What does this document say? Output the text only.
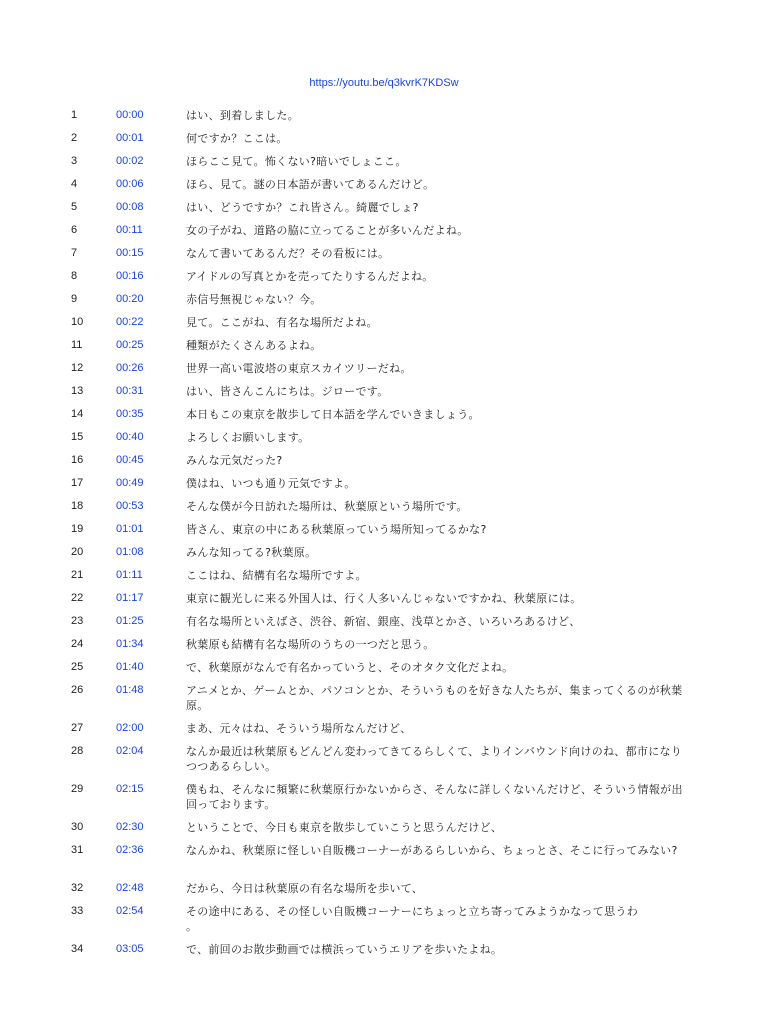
https://youtu.be/q3kvrK7KDSw
1	00:00	はい、到着しました。
2	00:01	何ですか？ここは。
3	00:02	ほらここ見て。怖くない?暗いでしょここ。
4	00:06	ほら、見て。謎の日本語が書いてあるんだけど。
5	00:08	はい、どうですか？これ皆さん。綺麗でしょ?
6	00:11	女の子がね、道路の脇に立ってることが多いんだよね。
7	00:15	なんて書いてあるんだ？その看板には。
8	00:16	アイドルの写真とかを売ってたりするんだよね。
9	00:20	赤信号無視じゃない？今。
10	00:22	見て。ここがね、有名な場所だよね。
11	00:25	種類がたくさんあるよね。
12	00:26	世界一高い電波塔の東京スカイツリーだね。
13	00:31	はい、皆さんこんにちは。ジローです。
14	00:35	本日もこの東京を散歩して日本語を学んでいきましょう。
15	00:40	よろしくお願いします。
16	00:45	みんな元気だった?
17	00:49	僕はね、いつも通り元気ですよ。
18	00:53	そんな僕が今日訪れた場所は、秋葉原という場所です。
19	01:01	皆さん、東京の中にある秋葉原っていう場所知ってるかな?
20	01:08	みんな知ってる?秋葉原。
21	01:11	ここはね、結構有名な場所ですよ。
22	01:17	東京に観光しに来る外国人は、行く人多いんじゃないですかね、秋葉原には。
23	01:25	有名な場所といえばさ、渋谷、新宿、銀座、浅草とかさ、いろいろあるけど、
24	01:34	秋葉原も結構有名な場所のうちの一つだと思う。
25	01:40	で、秋葉原がなんで有名かっていうと、そのオタク文化だよね。
26	01:48	アニメとか、ゲームとか、パソコンとか、そういうものを好きな人たちが、集まってくるのが秋葉原。
27	02:00	まあ、元々はね、そういう場所なんだけど、
28	02:04	なんか最近は秋葉原もどんどん変わってきてるらしくて、よりインバウンド向けのね、都市になりつつあるらしい。
29	02:15	僕もね、そんなに頻繁に秋葉原行かないからさ、そんなに詳しくないんだけど、そういう情報が出回っております。
30	02:30	ということで、今日も東京を散歩していこうと思うんだけど、
31	02:36	なんかね、秋葉原に怪しい自販機コーナーがあるらしいから、ちょっとさ、そこに行ってみない?
32	02:48	だから、今日は秋葉原の有名な場所を歩いて、
33	02:54	その途中にある、その怪しい自販機コーナーにちょっと立ち寄ってみようかなって思うわ
。
34	03:05	で、前回のお散歩動画では横浜っていうエリアを歩いたよね。
